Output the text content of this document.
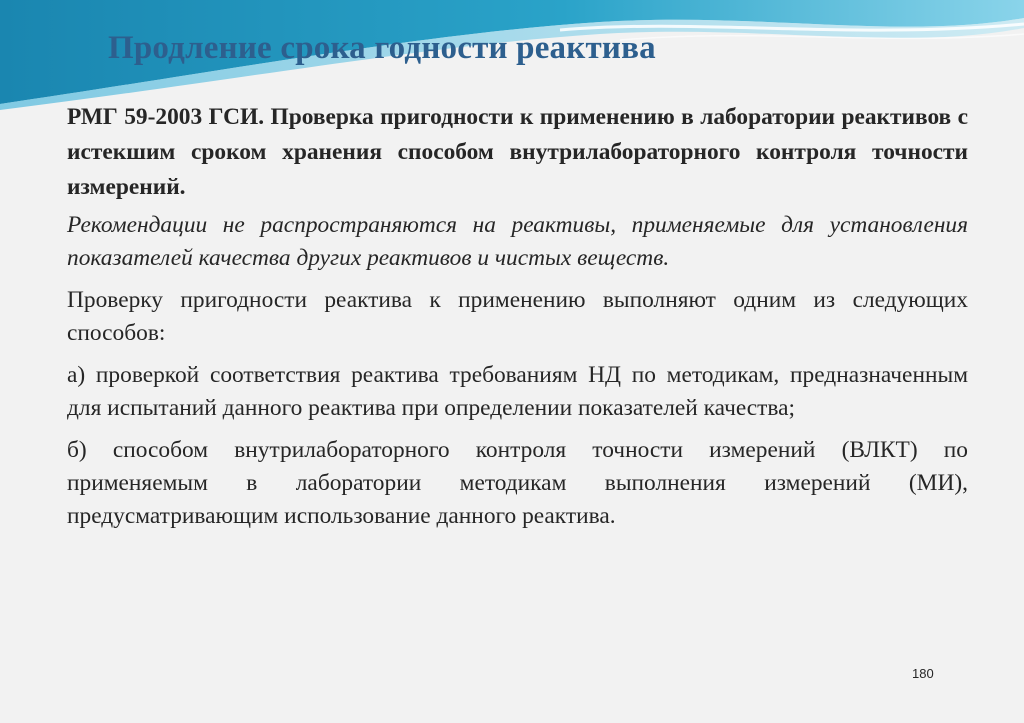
Продление срока годности реактива

РМГ 59-2003 ГСИ. Проверка пригодности к применению в лаборатории реактивов с истекшим сроком хранения способом внутрилабораторного контроля точности измерений.

Рекомендации не распространяются на реактивы, применяемые для установления показателей качества других реактивов и чистых веществ.

Проверку пригодности реактива к применению выполняют одним из следующих способов:

а) проверкой соответствия реактива требованиям НД по методикам, предназначенным для испытаний данного реактива при определении показателей качества;

б) способом внутрилабораторного контроля точности измерений (ВЛКТ) по применяемым в лаборатории методикам выполнения измерений (МИ), предусматривающим использование данного реактива.

180
